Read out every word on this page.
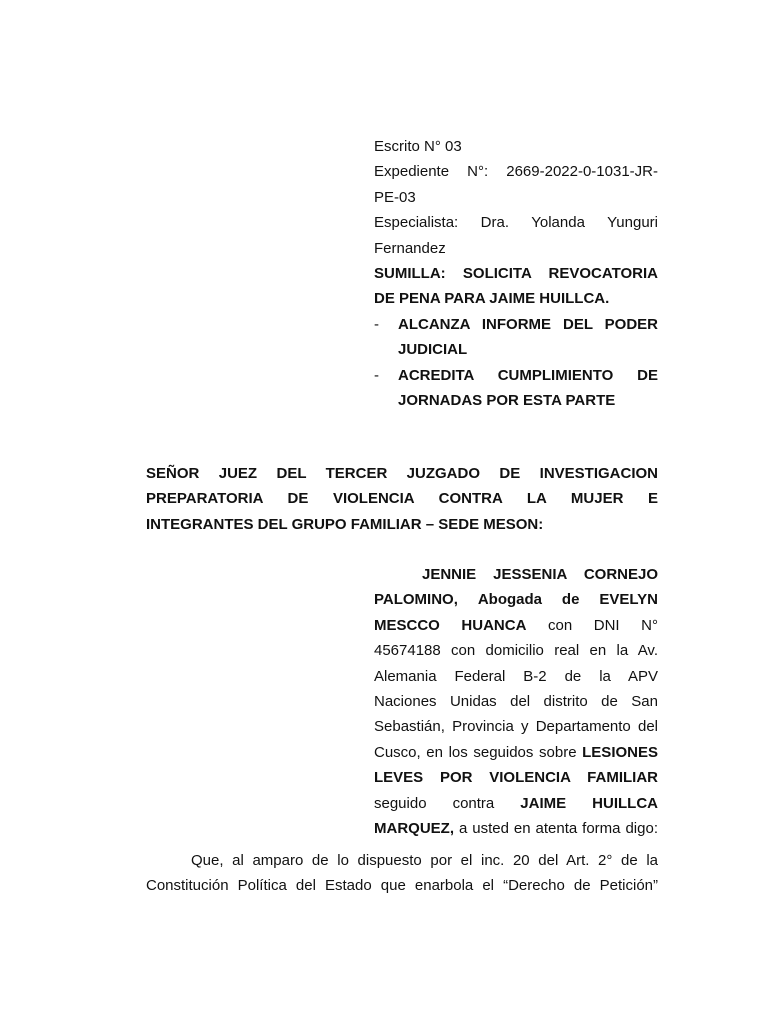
Escrito N° 03
Expediente N°: 2669-2022-0-1031-JR-
PE-03
Especialista: Dra. Yolanda Yunguri
Fernandez
SUMILLA: SOLICITA REVOCATORIA
DE PENA PARA JAIME HUILLCA.
- ALCANZA INFORME DEL PODER
JUDICIAL
- ACREDITA CUMPLIMIENTO DE
JORNADAS POR ESTA PARTE
SEÑOR JUEZ DEL TERCER JUZGADO DE INVESTIGACION
PREPARATORIA DE VIOLENCIA CONTRA LA MUJER E
INTEGRANTES DEL GRUPO FAMILIAR – SEDE MESON:
JENNIE JESSENIA CORNEJO
PALOMINO, Abogada de EVELYN
MESCCO HUANCA con DNI N°
45674188 con domicilio real en la Av.
Alemania Federal B-2 de la APV
Naciones Unidas del distrito de San
Sebastián, Provincia y Departamento del
Cusco, en los seguidos sobre LESIONES
LEVES POR VIOLENCIA FAMILIAR
seguido contra JAIME HUILLCA
MARQUEZ, a usted en atenta forma digo:
Que, al amparo de lo dispuesto por el inc. 20 del Art. 2° de la
Constitución Política del Estado que enarbola el “Derecho de Petición”
